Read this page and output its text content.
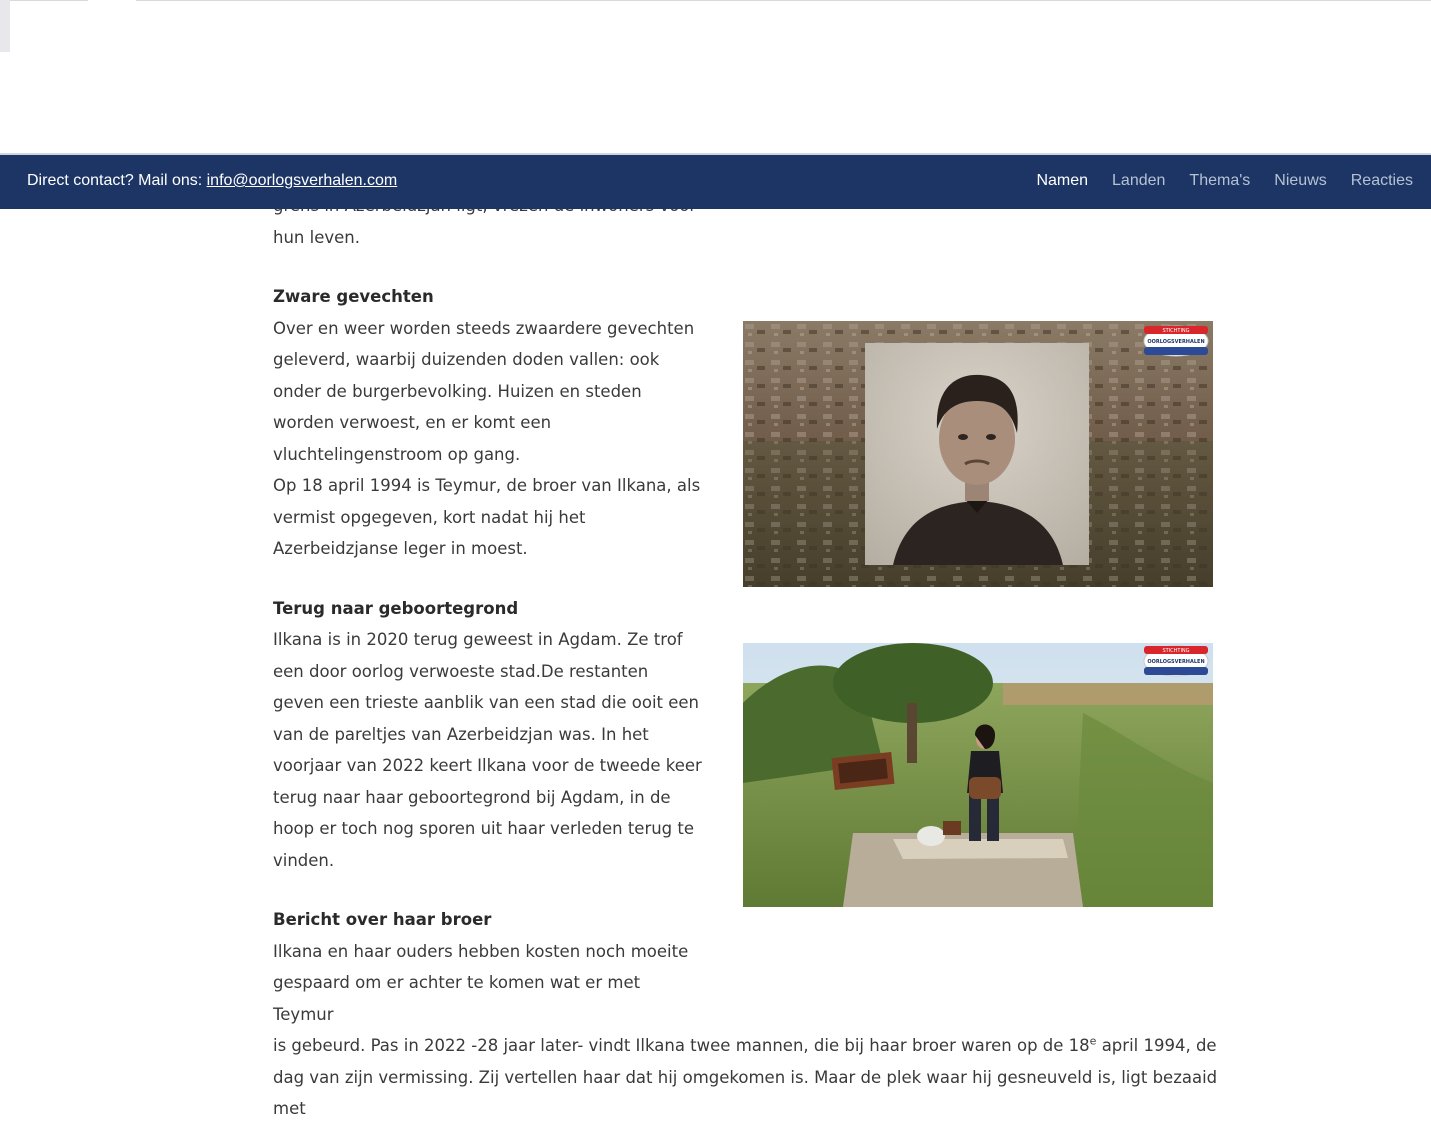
Direct contact? Mail ons: info@oorlogsverhalen.com	Namen Landen Thema's Nieuws Reacties

hun leven.

Zware gevechten

Over en weer worden steeds zwaardere gevechten geleverd, waarbij duizenden doden vallen: ook onder de burgerbevolking. Huizen en steden worden verwoest, en er komt een vluchtelingenstroom op gang.

Op 18 april 1994 is Teymur, de broer van Ilkana, als vermist opgegeven, kort nadat hij het Azerbeidzjanse leger in moest.

Terug naar geboortegrond

Ilkana is in 2020 terug geweest in Agdam. Ze trof een door oorlog verwoeste stad.De restanten geven een trieste aanblik van een stad die ooit een van de pareltjes van Azerbeidzjan was. In het voorjaar van 2022 keert Ilkana voor de tweede keer terug naar haar geboortegrond bij Agdam, in de hoop er toch nog sporen uit haar verleden terug te vinden.

Bericht over haar broer

Ilkana en haar ouders hebben kosten noch moeite gespaard om er achter te komen wat er met Teymur

is gebeurd. Pas in 2022 -28 jaar later- vindt Ilkana twee mannen, die bij haar broer waren op de 18e april 1994, de dag van zijn vermissing. Zij vertellen haar dat hij omgekomen is. Maar de plek waar hij gesneuveld is, ligt bezaaid met

STICHTING
OORLOGSVERHALEN
STICHTING
OORLOGSVERHALEN
